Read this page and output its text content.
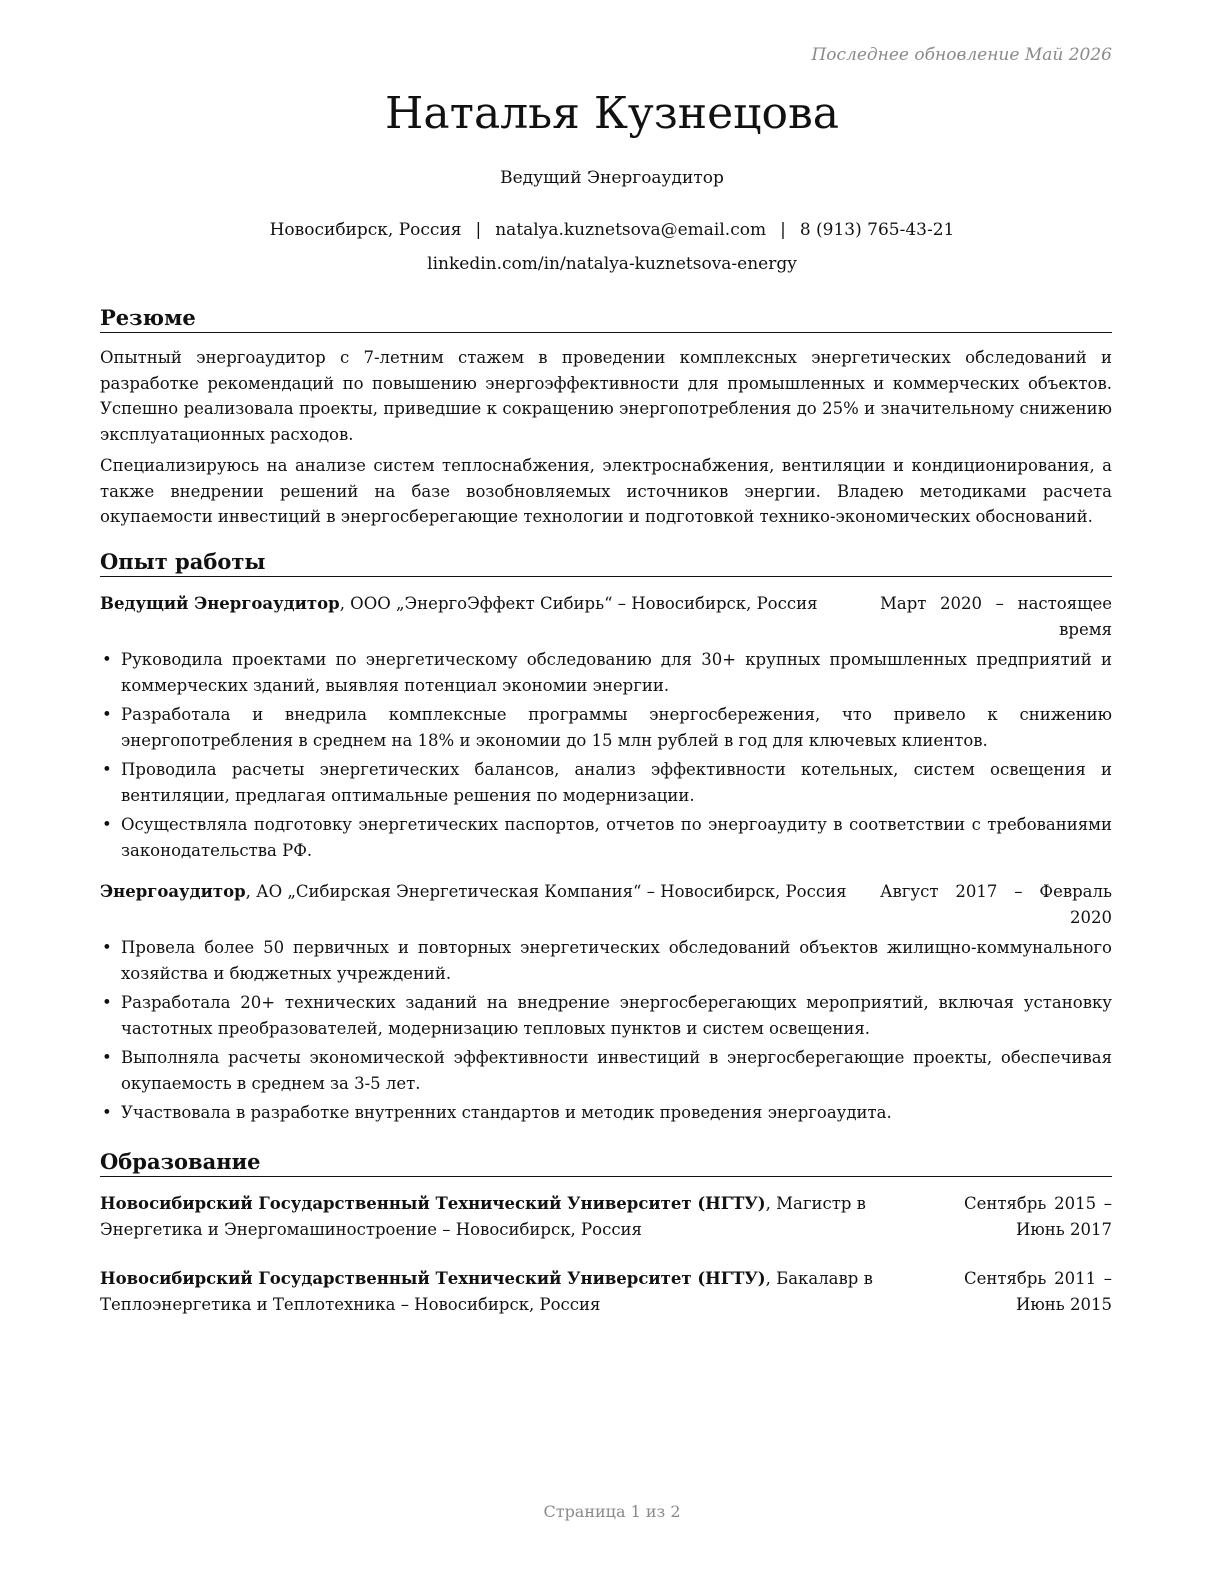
Последнее обновление Май 2026
Наталья Кузнецова
Ведущий Энергоаудитор
Новосибирск, Россия | natalya.kuznetsova@email.com | 8 (913) 765-43-21
linkedin.com/in/natalya-kuznetsova-energy
Резюме

Опытный энергоаудитор с 7-летним стажем в проведении комплексных энергетических обследований и разработке рекомендаций по повышению энергоэффективности для промышленных и коммерческих объектов. Успешно реализовала проекты, приведшие к сокращению энергопотребления до 25% и значительному снижению эксплуатационных расходов.

Специализируюсь на анализе систем теплоснабжения, электроснабжения, вентиляции и кондиционирования, а также внедрении решений на базе возобновляемых источников энергии. Владею методиками расчета окупаемости инвестиций в энергосберегающие технологии и подготовкой технико-экономических обоснований.

Опыт работы
Ведущий Энергоаудитор, ООО „ЭнергоЭффект Сибирь“ – Новосибирск, Россия	Март 2020 – настоящее время
• Руководила проектами по энергетическому обследованию для 30+ крупных промышленных предприятий и коммерческих зданий, выявляя потенциал экономии энергии.
• Разработала и внедрила комплексные программы энергосбережения, что привело к снижению энергопотребления в среднем на 18% и экономии до 15 млн рублей в год для ключевых клиентов.
• Проводила расчеты энергетических балансов, анализ эффективности котельных, систем освещения и вентиляции, предлагая оптимальные решения по модернизации.
• Осуществляла подготовку энергетических паспортов, отчетов по энергоаудиту в соответствии с требованиями законодательства РФ.
Энергоаудитор, АО „Сибирская Энергетическая Компания“ – Новосибирск, Россия	Август 2017 – Февраль 2020
• Провела более 50 первичных и повторных энергетических обследований объектов жилищно-коммунального хозяйства и бюджетных учреждений.
• Разработала 20+ технических заданий на внедрение энергосберегающих мероприятий, включая установку частотных преобразователей, модернизацию тепловых пунктов и систем освещения.
• Выполняла расчеты экономической эффективности инвестиций в энергосберегающие проекты, обеспечивая окупаемость в среднем за 3-5 лет.
• Участвовала в разработке внутренних стандартов и методик проведения энергоаудита.
Образование
Новосибирский Государственный Технический Университет (НГТУ), Магистр в Энергетика и Энергомашиностроение – Новосибирск, Россия
Сентябрь 2015 – Июнь 2017
Новосибирский Государственный Технический Университет (НГТУ), Бакалавр в Теплоэнергетика и Теплотехника – Новосибирск, Россия
Сентябрь 2011 – Июнь 2015
Страница 1 из 2
